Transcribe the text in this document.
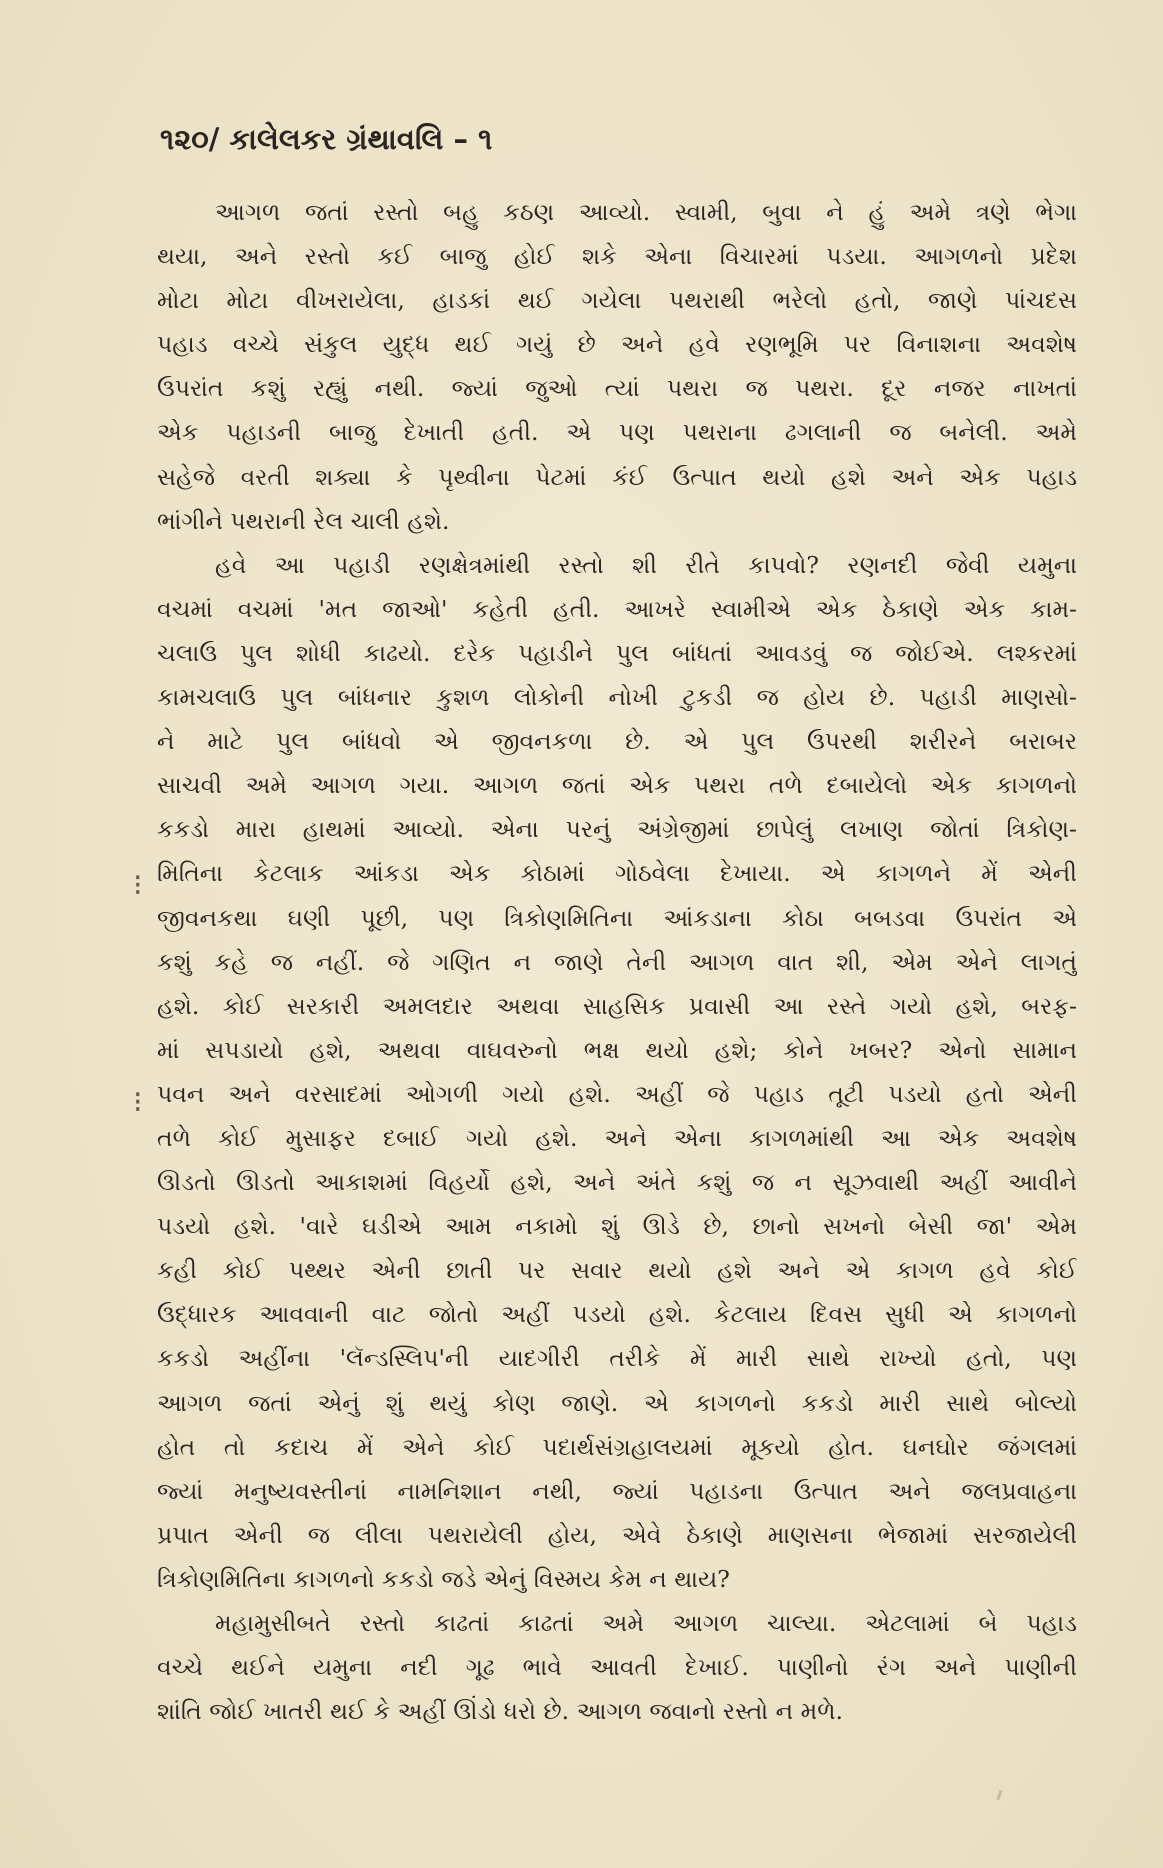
૧૨૦/ કાલેલકર ગ્રંથાવલિ – ૧
આગળ જતાં રસ્તો બહુ કઠણ આવ્યો. સ્વામી, બુવા ને હું અમે ત્રણે ભેગા
થયા, અને રસ્તો કઈ બાજુ હોઈ શકે એના વિચારમાં પડયા. આગળનો પ્રદેશ
મોટા મોટા વીખરાયેલા, હાડકાં થઈ ગયેલા પથરાથી ભરેલો હતો, જાણે પાંચદસ
પહાડ વચ્ચે સંકુલ યુદ્ધ થઈ ગયું છે અને હવે રણભૂમિ પર વિનાશના અવશેષ
ઉપરાંત કશું રહ્યું નથી. જ્યાં જુઓ ત્યાં પથરા જ પથરા. દૂર નજર નાખતાં
એક પહાડની બાજુ દેખાતી હતી. એ પણ પથરાના ઢગલાની જ બનેલી. અમે
સહેજે વરતી શક્યા કે પૃથ્વીના પેટમાં કંઈ ઉત્પાત થયો હશે અને એક પહાડ
ભાંગીને પથરાની રેલ ચાલી હશે.
હવે આ પહાડી રણક્ષેત્રમાંથી રસ્તો શી રીતે કાપવો? રણનદી જેવી યમુના
વચમાં વચમાં 'મત જાઓ' કહેતી હતી. આખરે સ્વામીએ એક ઠેકાણે એક કામ-
ચલાઉ પુલ શોધી કાઢયો. દરેક પહાડીને પુલ બાંધતાં આવડવું જ જોઈએ. લશ્કરમાં
કામચલાઉ પુલ બાંધનાર કુશળ લોકોની નોખી ટુકડી જ હોય છે. પહાડી માણસો-
ને માટે પુલ બાંધવો એ જીવનકળા છે. એ પુલ ઉપરથી શરીરને બરાબર
સાચવી અમે આગળ ગયા. આગળ જતાં એક પથરા તળે દબાયેલો એક કાગળનો
કકડો મારા હાથમાં આવ્યો. એના પરનું અંગ્રેજીમાં છાપેલું લખાણ જોતાં ત્રિકોણ-
મિતિના કેટલાક આંકડા એક કોઠામાં ગોઠવેલા દેખાયા. એ કાગળને મેં એની
જીવનકથા ઘણી પૂછી, પણ ત્રિકોણમિતિના આંકડાના કોઠા બબડવા ઉપરાંત એ
કશું કહે જ નહીં. જે ગણિત ન જાણે તેની આગળ વાત શી, એમ એને લાગતું
હશે. કોઈ સરકારી અમલદાર અથવા સાહસિક પ્રવાસી આ રસ્તે ગયો હશે, બરફ-
માં સપડાયો હશે, અથવા વાઘવરુનો ભક્ષ થયો હશે; કોને ખબર? એનો સામાન
પવન અને વરસાદમાં ઓગળી ગયો હશે. અહીં જે પહાડ તૂટી પડયો હતો એની
તળે કોઈ મુસાફર દબાઈ ગયો હશે. અને એના કાગળમાંથી આ એક અવશેષ
ઊડતો ઊડતો આકાશમાં વિહર્યો હશે, અને અંતે કશું જ ન સૂઝવાથી અહીં આવીને
પડયો હશે. 'વારે ઘડીએ આમ નકામો શું ઊડે છે, છાનો સખનો બેસી જા' એમ
કહી કોઈ પથ્થર એની છાતી પર સવાર થયો હશે અને એ કાગળ હવે કોઈ
ઉદ્ધારક આવવાની વાટ જોતો અહીં પડયો હશે. કેટલાય દિવસ સુધી એ કાગળનો
કકડો અહીંના 'લૅન્ડસ્લિપ'ની યાદગીરી તરીકે મેં મારી સાથે રાખ્યો હતો, પણ
આગળ જતાં એનું શું થયું કોણ જાણે. એ કાગળનો કકડો મારી સાથે બોલ્યો
હોત તો કદાચ મેં એને કોઈ પદાર્થસંગ્રહાલયમાં મૂકયો હોત. ઘનઘોર જંગલમાં
જ્યાં મનુષ્યવસ્તીનાં નામનિશાન નથી, જ્યાં પહાડના ઉત્પાત અને જલપ્રવાહના
પ્રપાત એની જ લીલા પથરાયેલી હોય, એવે ઠેકાણે માણસના ભેજામાં સરજાયેલી
ત્રિકોણમિતિના કાગળનો કકડો જડે એનું વિસ્મય કેમ ન થાય?
મહામુસીબતે રસ્તો કાઢતાં કાઢતાં અમે આગળ ચાલ્યા. એટલામાં બે પહાડ
વચ્ચે થઈને યમુના નદી ગૂઢ ભાવે આવતી દેખાઈ. પાણીનો રંગ અને પાણીની
શાંતિ જોઈ ખાતરી થઈ કે અહીં ઊંડો ધરો છે. આગળ જવાનો રસ્તો ન મળે.
⁝
⁝
